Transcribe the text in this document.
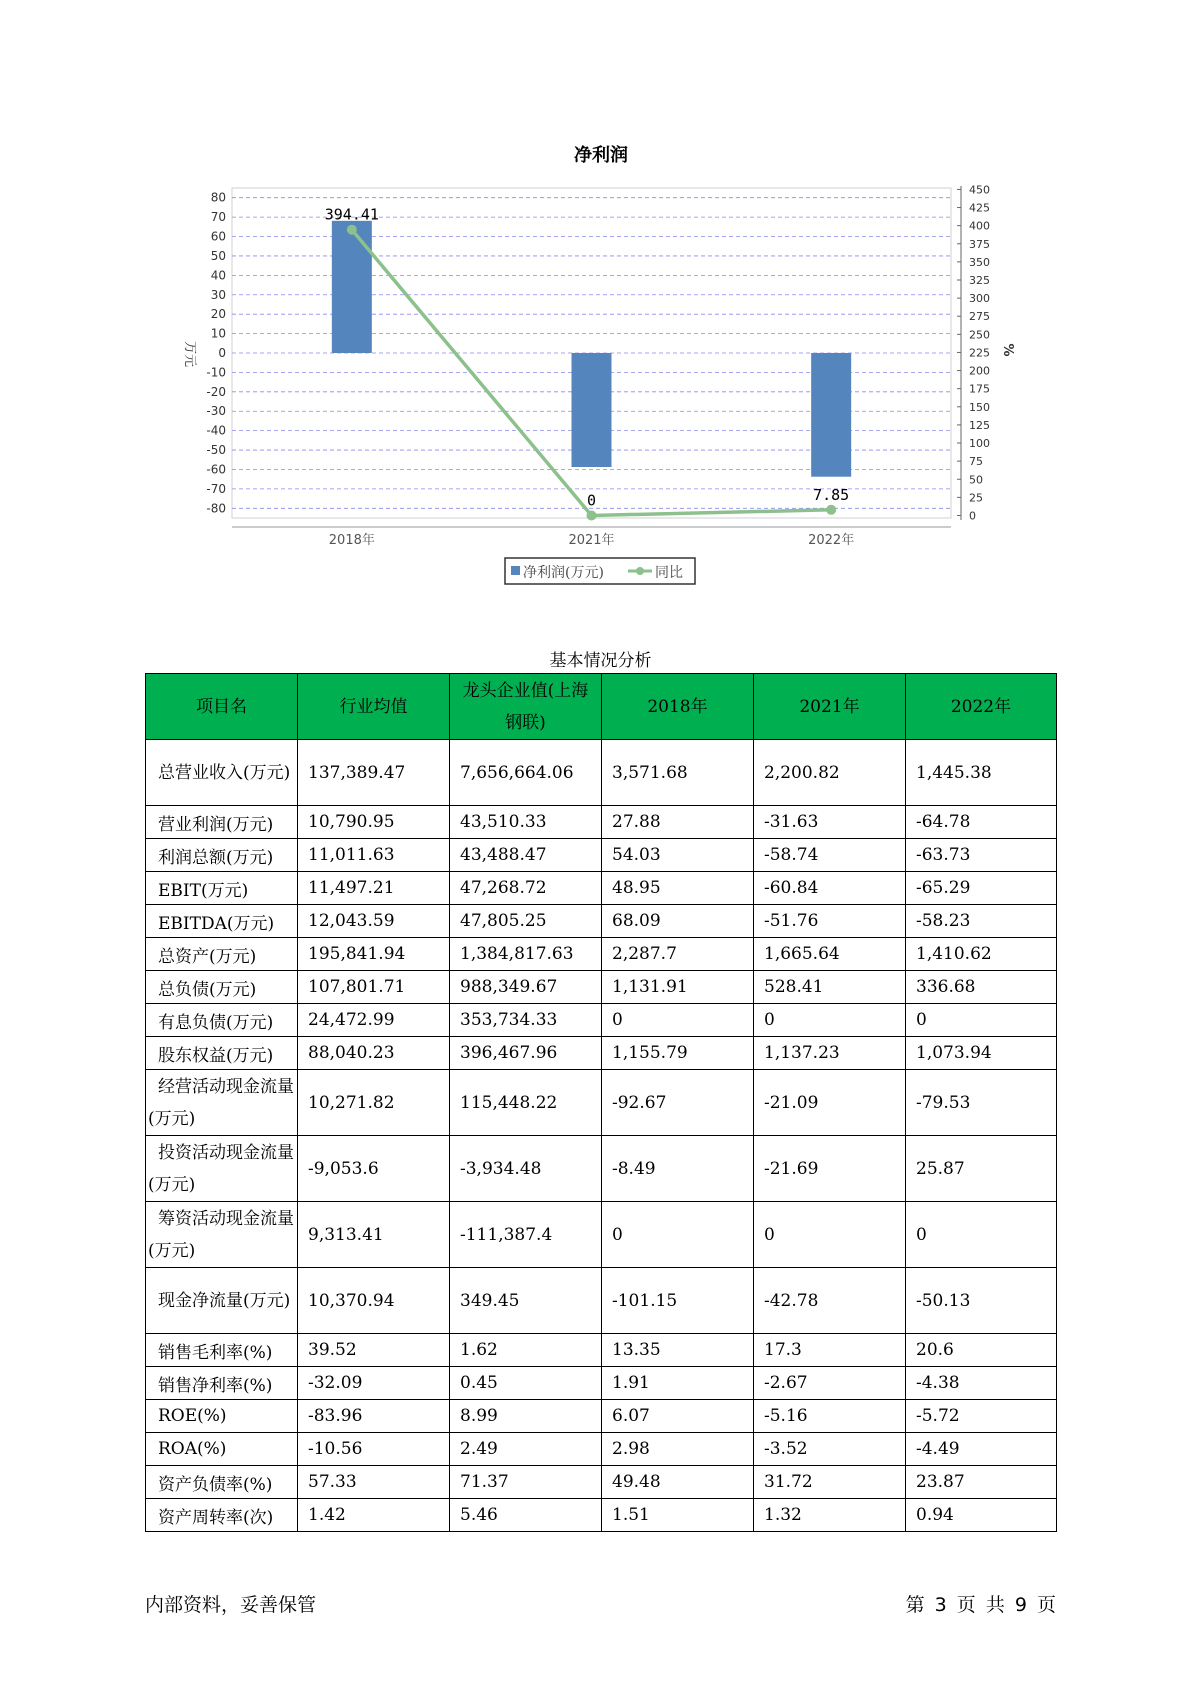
净利润
80
70
60
50
40
30
20
10
0
-10
-20
-30
-40
-50
-60
-70
-80
450
425
400
375
350
325
300
275
250
225
200
175
150
125
100
75
50
25
0
万元	%
394.41
0	7.85
2018年	2021年	2022年
净利润(万元)	同比
基本情况分析
项目名	行业均值	龙头企业值(上海钢联)	2018年	2021年	2022年
总营业收入(万元)	137,389.47	7,656,664.06	3,571.68	2,200.82	1,445.38
营业利润(万元)	10,790.95	43,510.33	27.88	-31.63	-64.78
利润总额(万元)	11,011.63	43,488.47	54.03	-58.74	-63.73
EBIT(万元)	11,497.21	47,268.72	48.95	-60.84	-65.29
EBITDA(万元)	12,043.59	47,805.25	68.09	-51.76	-58.23
总资产(万元)	195,841.94	1,384,817.63	2,287.7	1,665.64	1,410.62
总负债(万元)	107,801.71	988,349.67	1,131.91	528.41	336.68
有息负债(万元)	24,472.99	353,734.33	0	0	0
股东权益(万元)	88,040.23	396,467.96	1,155.79	1,137.23	1,073.94
经营活动现金流量(万元)	10,271.82	115,448.22	-92.67	-21.09	-79.53
投资活动现金流量(万元)	-9,053.6	-3,934.48	-8.49	-21.69	25.87
筹资活动现金流量(万元)	9,313.41	-111,387.4	0	0	0
现金净流量(万元)	10,370.94	349.45	-101.15	-42.78	-50.13
销售毛利率(%)	39.52	1.62	13.35	17.3	20.6
销售净利率(%)	-32.09	0.45	1.91	-2.67	-4.38
ROE(%)	-83.96	8.99	6.07	-5.16	-5.72
ROA(%)	-10.56	2.49	2.98	-3.52	-4.49
资产负债率(%)	57.33	71.37	49.48	31.72	23.87
资产周转率(次)	1.42	5.46	1.51	1.32	0.94
内部资料，妥善保管	第 3 页 共 9 页
